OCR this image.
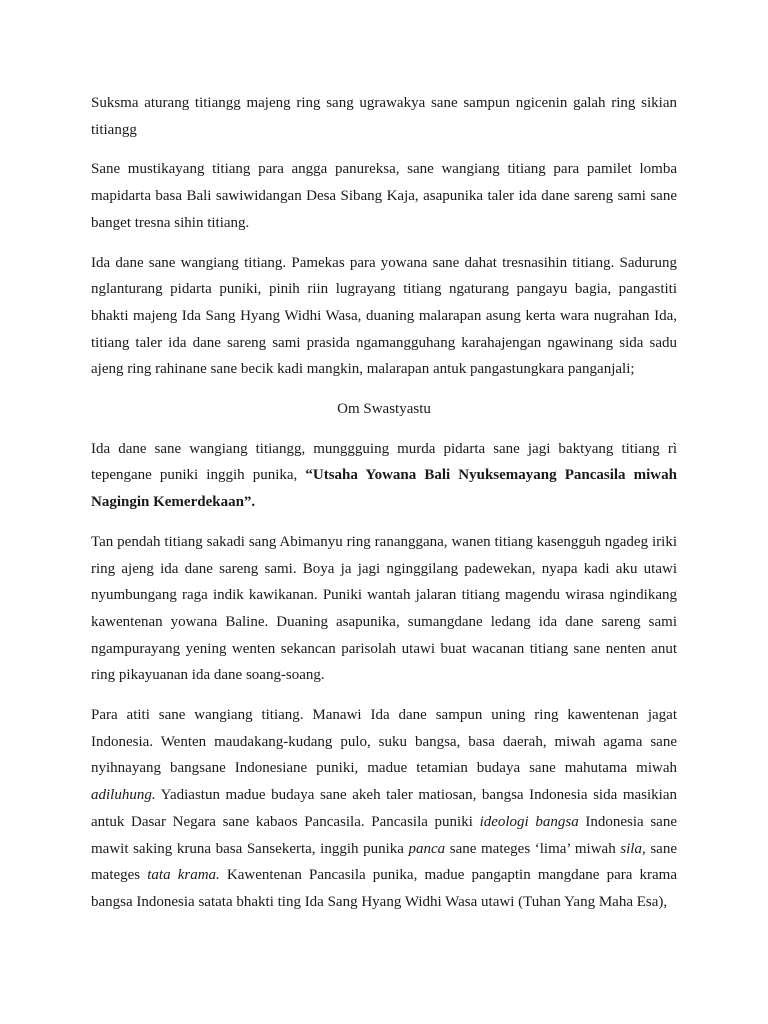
Suksma aturang titiangg majeng ring sang ugrawakya sane sampun ngicenin galah ring sikian titiangg

Sane mustikayang titiang para angga panureksa, sane wangiang titiang para pamilet lomba mapidarta basa Bali sawiwidangan Desa Sibang Kaja, asapunika taler ida dane sareng sami sane banget tresna sihin titiang.

Ida dane sane wangiang titiang. Pamekas para yowana sane dahat tresnasihin titiang. Sadurung nglanturang pidarta puniki, pinih riin lugrayang titiang ngaturang pangayu bagia, pangastiti bhakti majeng Ida Sang Hyang Widhi Wasa, duaning malarapan asung kerta wara nugrahan Ida, titiang taler ida dane sareng sami prasida ngamangguhang karahajengan ngawinang sida sadu ajeng ring rahinane sane becik kadi mangkin, malarapan antuk pangastungkara panganjali;

Om Swastyastu

Ida dane sane wangiang titiangg, munggguing murda pidarta sane jagi baktyang titiang rì tepengane puniki inggih punika, “Utsaha Yowana Bali Nyuksemayang Pancasila miwah Nagingin Kemerdekaan”.

Tan pendah titiang sakadi sang Abimanyu ring rananggana, wanen titiang kasengguh ngadeg iriki ring ajeng ida dane sareng sami. Boya ja jagi nginggilang padewekan, nyapa kadi aku utawi nyumbungang raga indik kawikanan. Puniki wantah jalaran titiang magendu wirasa ngindikang kawentenan yowana Baline. Duaning asapunika, sumangdane ledang ida dane sareng sami ngampurayang yening wenten sekancan parisolah utawi buat wacanan titiang sane nenten anut ring pikayuanan ida dane soang-soang.

Para atiti sane wangiang titiang. Manawi Ida dane sampun uning ring kawentenan jagat Indonesia. Wenten maudakang-kudang pulo, suku bangsa, basa daerah, miwah agama sane nyihnayang bangsane Indonesiane puniki, madue tetamian budaya sane mahutama miwah adiluhung. Yadiastun madue budaya sane akeh taler matiosan, bangsa Indonesia sida masikian antuk Dasar Negara sane kabaos Pancasila. Pancasila puniki ideologi bangsa Indonesia sane mawit saking kruna basa Sansekerta, inggih punika panca sane mateges ‘lima’ miwah sila, sane mateges tata krama. Kawentenan Pancasila punika, madue pangaptin mangdane para krama bangsa Indonesia satata bhakti ting Ida Sang Hyang Widhi Wasa utawi (Tuhan Yang Maha Esa),
